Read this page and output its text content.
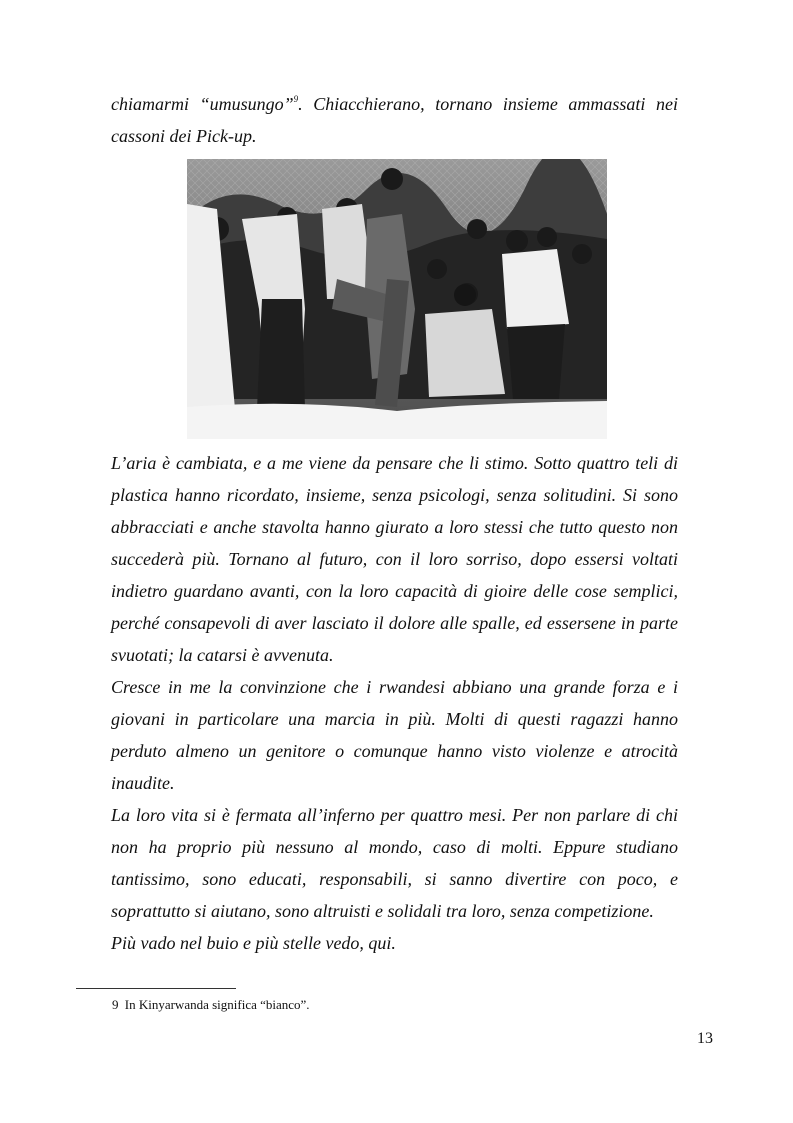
chiamarmi “umusungo”$^9$. Chiacchierano, tornano insieme ammassati nei cassoni dei Pick-up.

L’aria è cambiata, e a me viene da pensare che li stimo. Sotto quattro teli di plastica hanno ricordato, insieme, senza psicologi, senza solitudini. Si sono abbracciati e anche stavolta hanno giurato a loro stessi che tutto questo non succederà più. Tornano al futuro, con il loro sorriso, dopo essersi voltati indietro guardano avanti, con la loro capacità di gioire delle cose semplici, perché consapevoli di aver lasciato il dolore alle spalle, ed essersene in parte svuotati; la catarsi è avvenuta.

Cresce in me la convinzione che i rwandesi abbiano una grande forza e i giovani in particolare una marcia in più. Molti di questi ragazzi hanno perduto almeno un genitore o comunque hanno visto violenze e atrocità inaudite.

La loro vita si è fermata all’inferno per quattro mesi. Per non parlare di chi non ha proprio più nessuno al mondo, caso di molti. Eppure studiano tantissimo, sono educati, responsabili, si sanno divertire con poco, e soprattutto si aiutano, sono altruisti e solidali tra loro, senza competizione.

Più vado nel buio e più stelle vedo, qui.

9 In Kinyarwanda significa “bianco”.
13
